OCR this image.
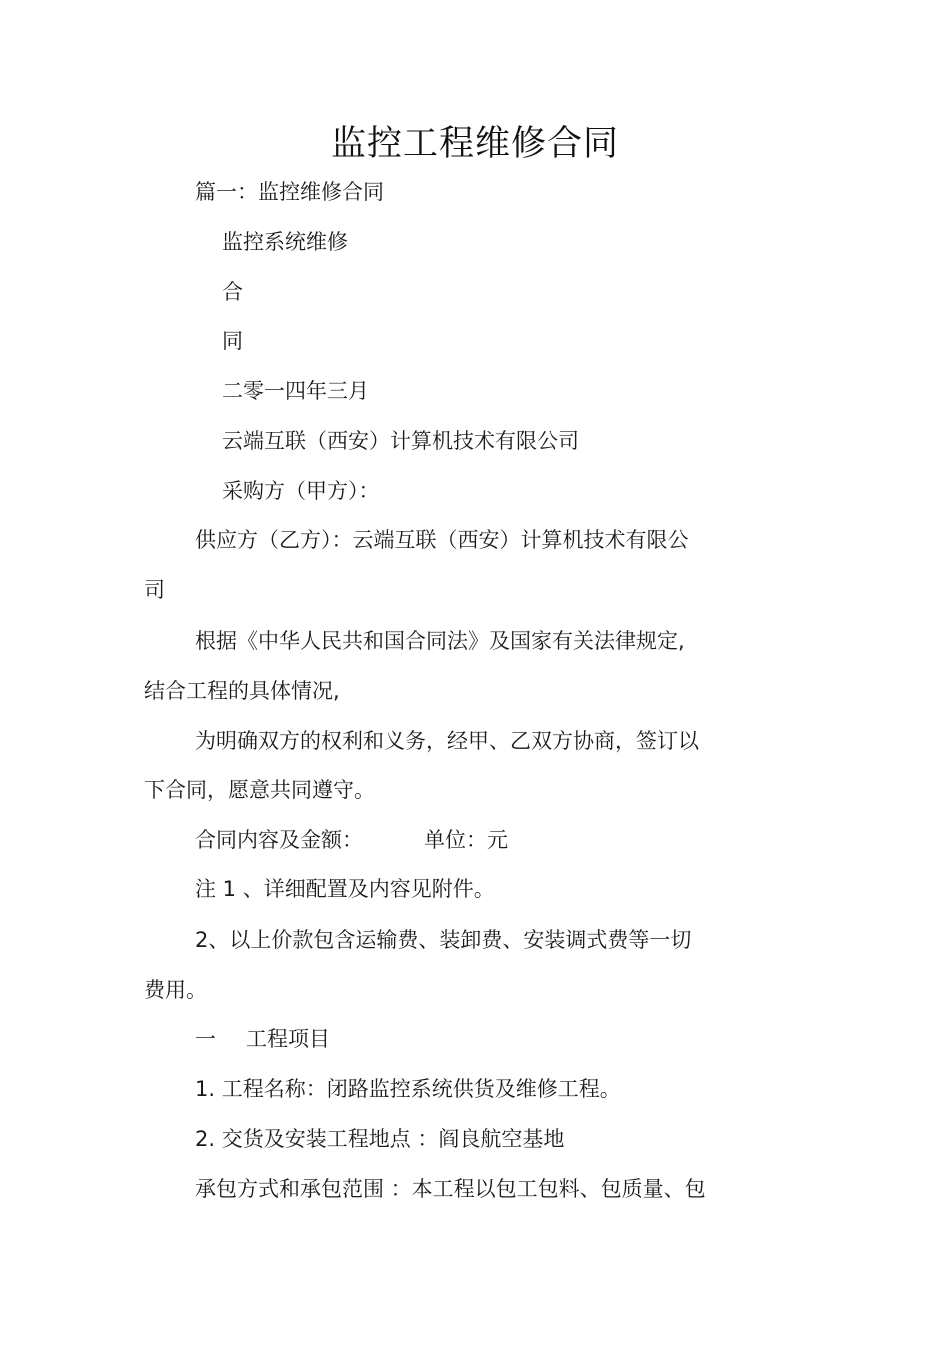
监控工程维修合同
篇一：监控维修合同
监控系统维修
合
同
二零一四年三月
云端互联（西安）计算机技术有限公司
采购方（甲方）：
供应方（乙方）：云端互联（西安）计算机技术有限公
司
根据《中华人民共和国合同法》及国家有关法律规定,
结合工程的具体情况,
为明确双方的权利和义务，经甲、乙双方协商，签订以
下合同，愿意共同遵守。
合同内容及金额：	单位：元
注 1 、详细配置及内容见附件。
2、以上价款包含运输费、装卸费、安装调式费等一切
费用。
一 工程项目
1. 工程名称：闭路监控系统供货及维修工程。
2. 交货及安装工程地点 ：阎良航空基地
承包方式和承包范围 ：本工程以包工包料、包质量、包
